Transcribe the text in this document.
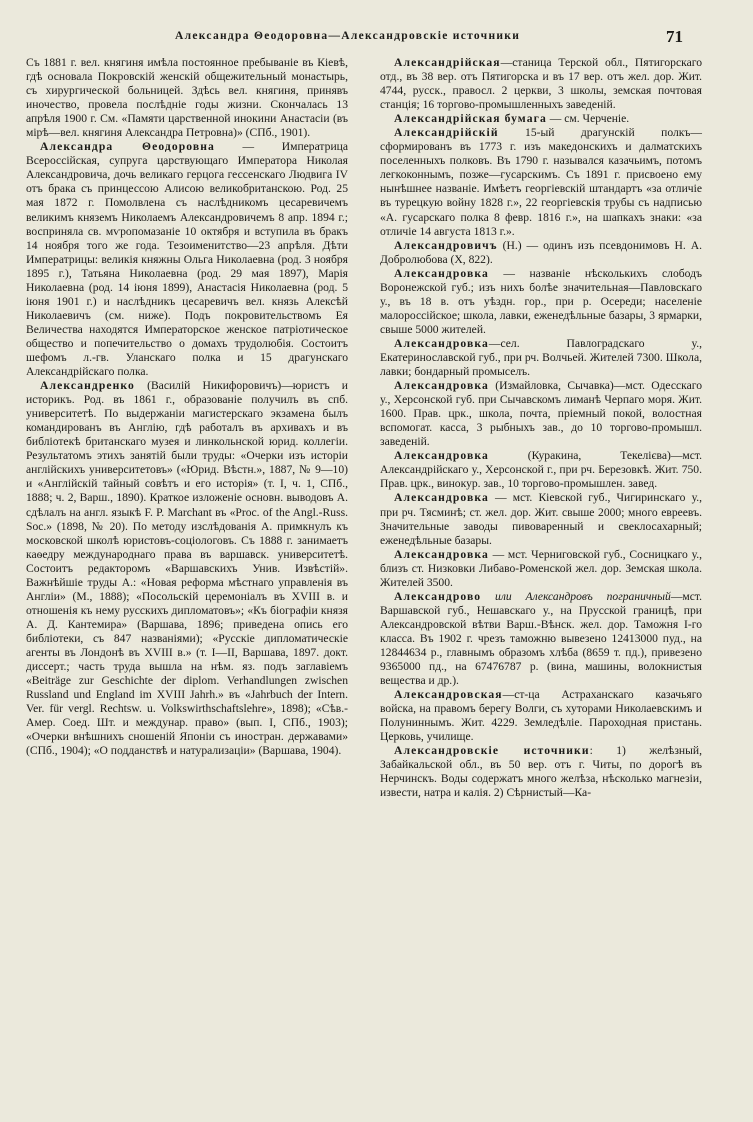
Александра Θеодоровна—Александровскіе источники	71

Съ 1881 г. вел. княгиня имѣла постоянное пребываніе въ Кіевѣ, гдѣ основала Покровскій женскій общежительный монастырь, съ хирургической больницей. Здѣсь вел. княгиня, принявъ иночество, провела послѣдніе годы жизни. Скончалась 13 апрѣля 1900 г. См. «Памяти царственной инокини Анастасіи (въ мірѣ—вел. княгиня Александра Петровна)» (СПб., 1901).

Александра Θеодоровна — Императрица Всероссійская, супруга царствующаго Императора Николая Александровича, дочь великаго герцога гессенскаго Людвига IV отъ брака съ принцессою Алисою великобританскою. Род. 25 мая 1872 г. Помолвлена съ наслѣдникомъ цесаревичемъ великимъ княземъ Николаемъ Александровичемъ 8 апр. 1894 г.; восприняла св. мѵропомазаніе 10 октября и вступила въ бракъ 14 ноября того же года. Тезоименитство—23 апрѣля. Дѣти Императрицы: великія княжны Ольга Николаевна (род. 3 ноября 1895 г.), Татьяна Николаевна (род. 29 мая 1897), Марія Николаевна (род. 14 іюня 1899), Анастасія Николаевна (род. 5 іюня 1901 г.) и наслѣдникъ цесаревичъ вел. князь Алексѣй Николаевичъ (см. ниже). Подъ покровительствомъ Ея Величества находятся Императорское женское патріотическое общество и попечительство о домахъ трудолюбія. Состоитъ шефомъ л.-гв. Уланскаго полка и 15 драгунскаго Александрійскаго полка.

Александренко (Василій Никифоровичъ)—юристъ и историкъ. Род. въ 1861 г., образованіе получилъ въ спб. университетѣ. По выдержаніи магистерскаго экзамена былъ командированъ въ Англію, гдѣ работалъ въ архивахъ и въ библіотекѣ британскаго музея и линкольнской юрид. коллегіи. Результатомъ этихъ занятій были труды: «Очерки изъ исторіи англійскихъ университетовъ» («Юрид. Вѣстн.», 1887, № 9—10) и «Англійскій тайный совѣтъ и его исторія» (т. I, ч. 1, СПб., 1888; ч. 2, Варш., 1890). Краткое изложеніе основн. выводовъ А. сдѣлалъ на англ. языкѣ F. P. Marchant въ «Proc. of the Angl.-Russ. Soc.» (1898, № 20). По методу изслѣдованія А. примкнулъ къ московской школѣ юристовъ-соціологовъ. Съ 1888 г. занимаетъ каѳедру международнаго права въ варшавск. университетѣ. Состоитъ редакторомъ «Варшавскихъ Унив. Извѣстій». Важнѣйшіе труды А.: «Новая реформа мѣстнаго управленія въ Англіи» (М., 1888); «Посольскій церемоніалъ въ XVIII в. и отношенія къ нему русскихъ дипломатовъ»; «Къ біографіи князя А. Д. Кантемира» (Варшава, 1896; приведена опись его библіотеки, съ 847 названіями); «Русскіе дипломатическіе агенты въ Лондонѣ въ XVIII в.» (т. I—II, Варшава, 1897. докт. диссерт.; часть труда вышла на нѣм. яз. подъ заглавіемъ «Beiträge zur Geschichte der diplom. Verhandlungen zwischen Russland und England im XVIII Jahrh.» въ «Jahrbuch der Intern. Ver. für vergl. Rechtsw. u. Volkswirthschaftslehre», 1898); «Сѣв.-Амер. Соед. Шт. и междунар. право» (вып. I, СПб., 1903); «Очерки внѣшнихъ сношеній Японіи съ иностран. державами» (СПб., 1904); «О подданствѣ и натурализаціи» (Варшава, 1904).

Александрійская—станица Терской обл., Пятигорскаго отд., въ 38 вер. отъ Пятигорска и въ 17 вер. отъ жел. дор. Жит. 4744, русск., правосл. 2 церкви, 3 школы, земская почтовая станція; 16 торгово-промышленныхъ заведеній.

Александрійская бумага — см. Черченіе.

Александрійскій 15-ый драгунскій полкъ—сформированъ въ 1773 г. изъ македонскихъ и далматскихъ поселенныхъ полковъ. Въ 1790 г. назывался казачьимъ, потомъ легкоконнымъ, позже—гусарскимъ. Съ 1891 г. присвоено ему нынѣшнее названіе. Имѣетъ георгіевскій штандартъ «за отличіе въ турецкую войну 1828 г.», 22 георгіевскія трубы съ надписью «А. гусарскаго полка 8 февр. 1816 г.», на шапкахъ знаки: «за отличіе 14 августа 1813 г.».

Александровичъ (Н.) — одинъ изъ псевдонимовъ Н. А. Добролюбова (X, 822).

Александровка — названіе нѣсколькихъ слободъ Воронежской губ.; изъ нихъ болѣе значительная—Павловскаго у., въ 18 в. отъ уѣздн. гор., при р. Осереди; населеніе малороссійское; школа, лавки, еженедѣльные базары, 3 ярмарки, свыше 5000 жителей.

Александровка—сел. Павлоградскаго у., Екатеринославской губ., при рч. Волчьей. Жителей 7300. Школа, лавки; бондарный промыселъ.

Александровка (Измайловка, Сычавка)—мст. Одесскаго у., Херсонской губ. при Сычавскомъ лиманѣ Черпаго моря. Жит. 1600. Прав. црк., школа, почта, пріемный покой, волостная вспомогат. касса, 3 рыбныхъ зав., до 10 торгово-промышл. заведеній.

Александровка (Куракина, Текелієва)—мст. Александрійскаго у., Херсонской г., при рч. Березовкѣ. Жит. 750. Прав. црк., винокур. зав., 10 торгово-промышлен. завед.

Александровка — мст. Кіевской губ., Чигиринскаго у., при рч. Тясминѣ; ст. жел. дор. Жит. свыше 2000; много евреевъ. Значительные заводы пивоваренный и свеклосахарный; еженедѣльные базары.

Александровка — мст. Черниговской губ., Сосницкаго у., близъ ст. Низковки Либаво-Роменской жел. дор. Земская школа. Жителей 3500.

Александрово или Александровъ пограничный—мст. Варшавской губ., Нешавскаго у., на Прусской границѣ, при Александровской вѣтви Варш.-Вѣнск. жел. дор. Таможня I-го класса. Въ 1902 г. чрезъ таможню вывезено 12413000 пуд., на 12844634 р., главнымъ образомъ хлѣба (8659 т. пд.), привезено 9365000 пд., на 67476787 р. (вина, машины, волокнистыя вещества и др.).

Александровская—ст-ца Астраханскаго казачьяго войска, на правомъ берегу Волги, съ хуторами Николаевскимъ и Полуниннымъ. Жит. 4229. Земледѣліе. Пароходная пристань. Церковь, училище.

Александровскіе источники: 1) желѣзный, Забайкальской обл., въ 50 вер. отъ г. Читы, по дорогѣ въ Нерчинскъ. Воды содержатъ много желѣза, нѣсколько магнезіи, извести, натра и калія. 2) Сѣрнистый—Ка-
